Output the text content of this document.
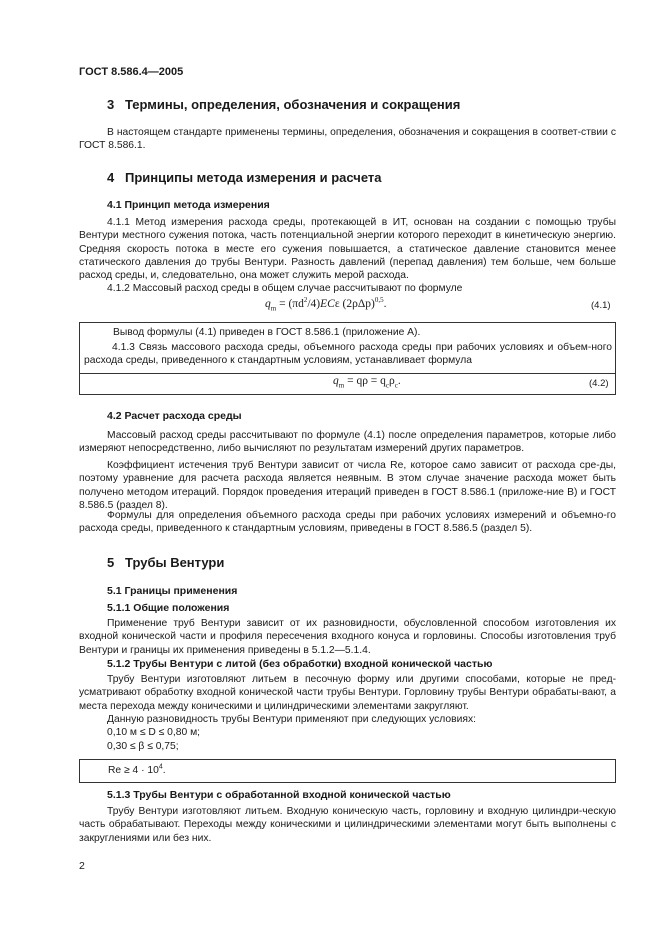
ГОСТ 8.586.4—2005
3 Термины, определения, обозначения и сокращения

В настоящем стандарте применены термины, определения, обозначения и сокращения в соответ-ствии с ГОСТ 8.586.1.

4 Принципы метода измерения и расчета
4.1 Принцип метода измерения

4.1.1 Метод измерения расхода среды, протекающей в ИТ, основан на создании с помощью трубы Вентури местного сужения потока, часть потенциальной энергии которого переходит в кинетическую энергию. Средняя скорость потока в месте его сужения повышается, а статическое давление становится менее статического давления до трубы Вентури. Разность давлений (перепад давления) тем больше, чем больше расход среды, и, следовательно, она может служить мерой расхода.

4.1.2 Массовый расход среды в общем случае рассчитывают по формуле

$q_m = (\pi d^2/4)EC\varepsilon$ $(2\rho\Delta p)^{0,5}$.	(4.1)
Вывод формулы (4.1) приведен в ГОСТ 8.586.1 (приложение А).

4.1.3 Связь массового расхода среды, объемного расхода среды при рабочих условиях и объем-ного расхода среды, приведенного к стандартным условиям, устанавливает формула

$q_m = q\rho = q_c\rho_c$.	(4.2)
4.2 Расчет расхода среды

Массовый расход среды рассчитывают по формуле (4.1) после определения параметров, которые либо измеряют непосредственно, либо вычисляют по результатам измерений других параметров.

Коэффициент истечения труб Вентури зависит от числа Re, которое само зависит от расхода сре-ды, поэтому уравнение для расчета расхода является неявным. В этом случае значение расхода может быть получено методом итераций. Порядок проведения итераций приведен в ГОСТ 8.586.1 (приложе-ние В) и ГОСТ 8.586.5 (раздел 8).

Формулы для определения объемного расхода среды при рабочих условиях измерений и объемно-го расхода среды, приведенного к стандартным условиям, приведены в ГОСТ 8.586.5 (раздел 5).

5 Трубы Вентури
5.1 Границы применения
5.1.1 Общие положения

Применение труб Вентури зависит от их разновидности, обусловленной способом изготовления их входной конической части и профиля пересечения входного конуса и горловины. Способы изготовления труб Вентури и границы их применения приведены в 5.1.2—5.1.4.

5.1.2 Трубы Вентури с литой (без обработки) входной конической частью

Трубу Вентури изготовляют литьем в песочную форму или другими способами, которые не пред-усматривают обработку входной конической части трубы Вентури. Горловину трубы Вентури обрабаты-вают, а места перехода между коническими и цилиндрическими элементами закругляют.

Данную разновидность трубы Вентури применяют при следующих условиях:

0,10 м ≤ D ≤ 0,80 м;
0,30 ≤ β ≤ 0,75;
$Re \ge 4 \cdot 10^4$.
5.1.3 Трубы Вентури с обработанной входной конической частью

Трубу Вентури изготовляют литьем. Входную коническую часть, горловину и входную цилиндри-ческую часть обрабатывают. Переходы между коническими и цилиндрическими элементами могут быть выполнены с закруглениями или без них.

2
